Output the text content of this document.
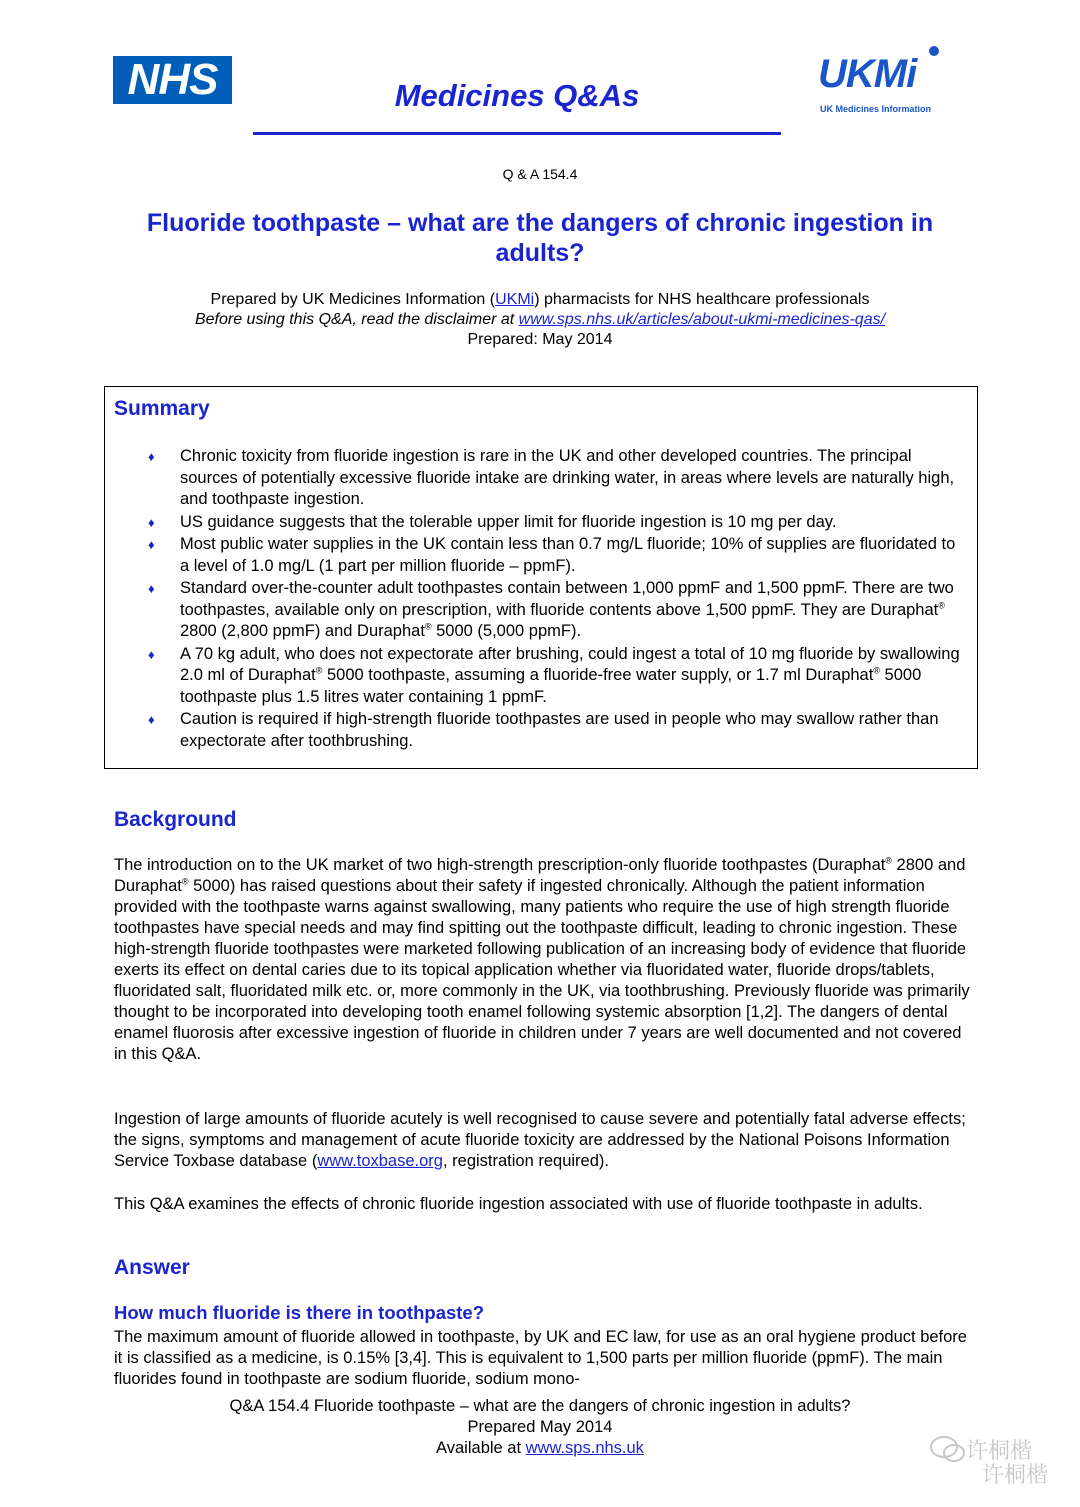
NHS	Medicines Q&As	UKMi
UK Medicines Information
Q & A 154.4
Fluoride toothpaste – what are the dangers of chronic ingestion in
adults?
Prepared by UK Medicines Information (UKMi) pharmacists for NHS healthcare professionals
Before using this Q&A, read the disclaimer at www.sps.nhs.uk/articles/about-ukmi-medicines-qas/
Prepared: May 2014
Summary
♦ Chronic toxicity from fluoride ingestion is rare in the UK and other developed countries. The principal sources of potentially excessive fluoride intake are drinking water, in areas where levels are naturally high, and toothpaste ingestion.
♦ US guidance suggests that the tolerable upper limit for fluoride ingestion is 10 mg per day.
♦ Most public water supplies in the UK contain less than 0.7 mg/L fluoride; 10% of supplies are fluoridated to a level of 1.0 mg/L (1 part per million fluoride – ppmF).
♦ Standard over-the-counter adult toothpastes contain between 1,000 ppmF and 1,500 ppmF. There are two toothpastes, available only on prescription, with fluoride contents above 1,500 ppmF. They are Duraphat® 2800 (2,800 ppmF) and Duraphat® 5000 (5,000 ppmF).
♦ A 70 kg adult, who does not expectorate after brushing, could ingest a total of 10 mg fluoride by swallowing 2.0 ml of Duraphat® 5000 toothpaste, assuming a fluoride-free water supply, or 1.7 ml Duraphat® 5000 toothpaste plus 1.5 litres water containing 1 ppmF.
♦ Caution is required if high-strength fluoride toothpastes are used in people who may swallow rather than expectorate after toothbrushing.
Background
The introduction on to the UK market of two high-strength prescription-only fluoride toothpastes (Duraphat® 2800 and Duraphat® 5000) has raised questions about their safety if ingested chronically. Although the patient information provided with the toothpaste warns against swallowing, many patients who require the use of high strength fluoride toothpastes have special needs and may find spitting out the toothpaste difficult, leading to chronic ingestion. These high-strength fluoride toothpastes were marketed following publication of an increasing body of evidence that fluoride exerts its effect on dental caries due to its topical application whether via fluoridated water, fluoride drops/tablets, fluoridated salt, fluoridated milk etc. or, more commonly in the UK, via toothbrushing. Previously fluoride was primarily thought to be incorporated into developing tooth enamel following systemic absorption [1,2]. The dangers of dental enamel fluorosis after excessive ingestion of fluoride in children under 7 years are well documented and not covered in this Q&A.
Ingestion of large amounts of fluoride acutely is well recognised to cause severe and potentially fatal adverse effects; the signs, symptoms and management of acute fluoride toxicity are addressed by the National Poisons Information Service Toxbase database (www.toxbase.org, registration required).
This Q&A examines the effects of chronic fluoride ingestion associated with use of fluoride toothpaste in adults.
Answer
How much fluoride is there in toothpaste?
The maximum amount of fluoride allowed in toothpaste, by UK and EC law, for use as an oral hygiene product before it is classified as a medicine, is 0.15% [3,4]. This is equivalent to 1,500 parts per million fluoride (ppmF). The main fluorides found in toothpaste are sodium fluoride, sodium mono-
Q&A 154.4 Fluoride toothpaste – what are the dangers of chronic ingestion in adults?
Prepared May 2014
Available at www.sps.nhs.uk	许桐楷
许桐楷
